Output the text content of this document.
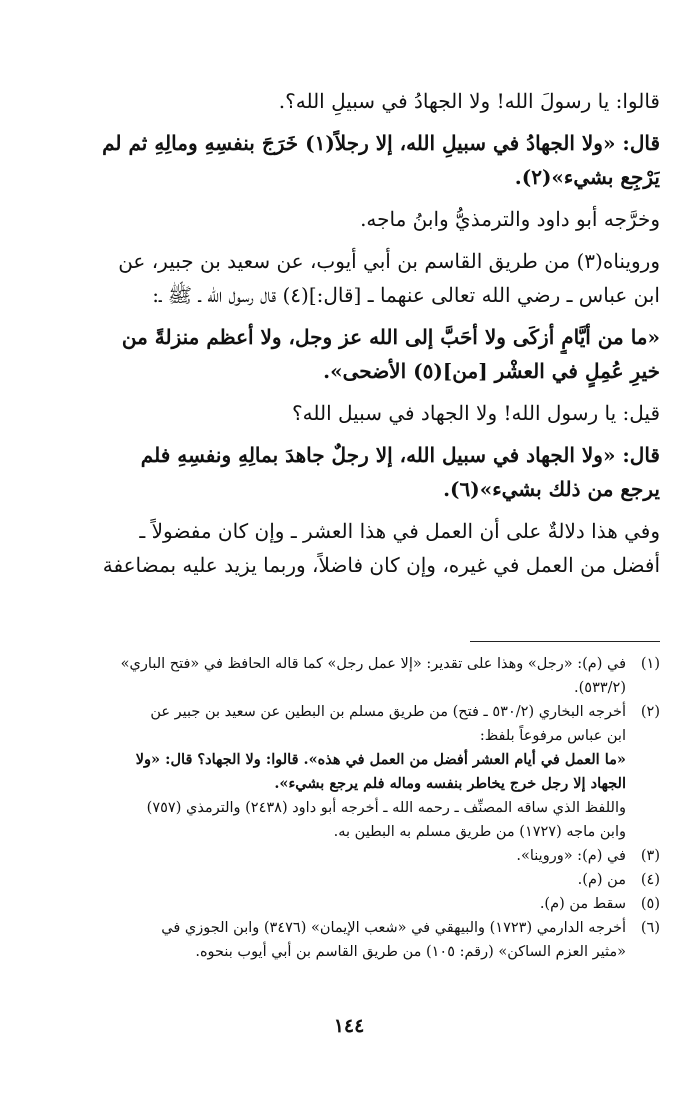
قالوا: يا رسولَ الله! ولا الجهادُ في سبيلِ الله؟.
قال: «ولا الجهادُ في سبيلِ الله، إلا رجلاً(١) خَرَجَ بنفسِهِ ومالِهِ ثم لم
يَرْجِع بشيء»(٢).
وخرَّجه أبو داود والترمذيُّ وابنُ ماجه.
ورويناه(٣) من طريق القاسم بن أبي أيوب، عن سعيد بن جبير، عن
ابن عباس ـ رضي الله تعالى عنهما ـ [قال:](٤) قال رسول الله ـ ﷺ ـ:
«ما من أيَّامٍ أزكَى ولا أحَبَّ إلى الله عز وجل، ولا أعظم منزلةً من
خيرِ عُمِلٍ في العشْر [من](٥) الأضحى».
قيل: يا رسول الله! ولا الجهاد في سبيل الله؟
قال: «ولا الجهاد في سبيل الله، إلا رجلٌ جاهدَ بمالِهِ ونفسِهِ فلم
يرجع من ذلك بشيء»(٦).
وفي هذا دلالةٌ على أن العمل في هذا العشر ـ وإن كان مفضولاً ـ
أفضل من العمل في غيره، وإن كان فاضلاً، وربما يزيد عليه بمضاعفة
(١)
في (م): «رجل» وهذا على تقدير: «إلا عمل رجل» كما قاله الحافظ في «فتح الباري»
(٥٣٣/٢).
(٢)
أخرجه البخاري (٥٣٠/٢ ـ فتح) من طريق مسلم بن البطين عن سعيد بن جبير عن
ابن عباس مرفوعاً بلفظ:
«ما العمل في أيام العشر أفضل من العمل في هذه». قالوا: ولا الجهاد؟ قال: «ولا
الجهاد إلا رجل خرج يخاطر بنفسه وماله فلم يرجع بشيء».
واللفظ الذي ساقه المصنِّف ـ رحمه الله ـ أخرجه أبو داود (٢٤٣٨) والترمذي (٧٥٧)
وابن ماجه (١٧٢٧) من طريق مسلم به البطين به.
(٣)
في (م): «وروينا».
(٤)
من (م).
(٥)
سقط من (م).
(٦)
أخرجه الدارمي (١٧٢٣) والبيهقي في «شعب الإيمان» (٣٤٧٦) وابن الجوزي في
«مثير العزم الساكن» (رقم: ١٠٥) من طريق القاسم بن أبي أيوب بنحوه.
١٤٤
